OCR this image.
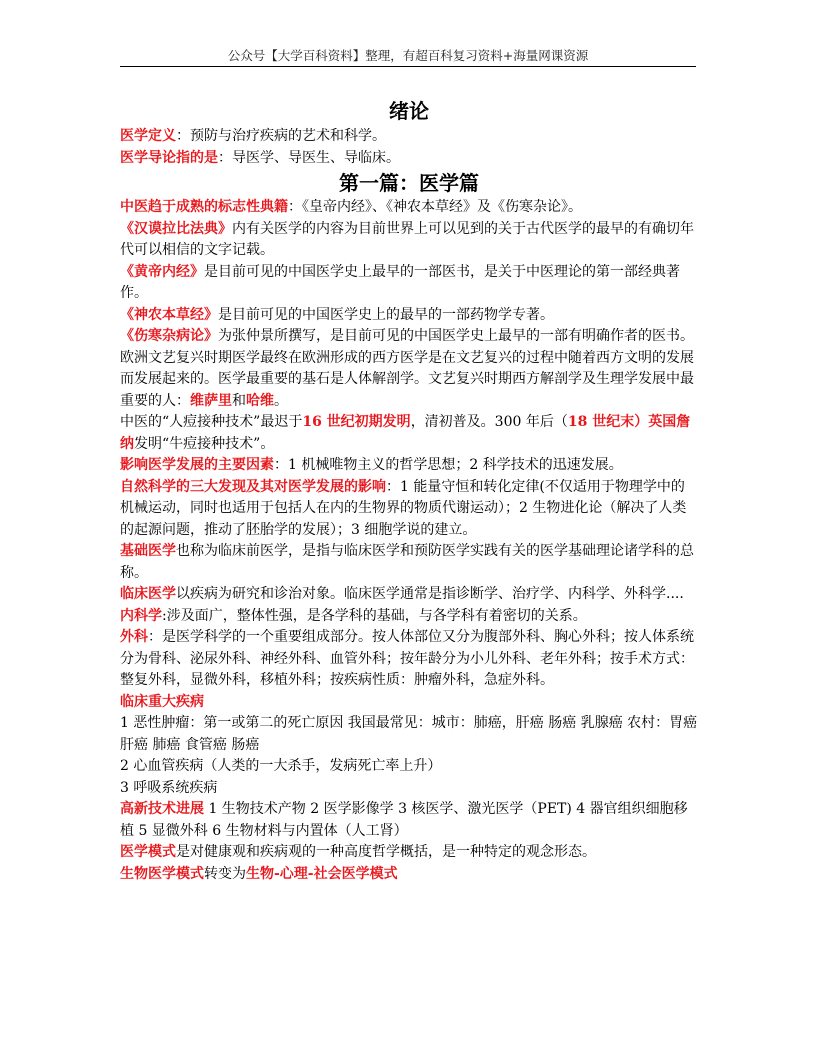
公众号【大学百科资料】整理，有超百科复习资料+海量网课资源
绪论

医学定义：预防与治疗疾病的艺术和科学。

医学导论指的是：导医学、导医生、导临床。

第一篇：医学篇

中医趋于成熟的标志性典籍：《皇帝内经》、《神农本草经》及《伤寒杂论》。

《汉谟拉比法典》内有关医学的内容为目前世界上可以见到的关于古代医学的最早的有确切年代可以相信的文字记载。

《黄帝内经》是目前可见的中国医学史上最早的一部医书，是关于中医理论的第一部经典著作。

《神农本草经》是目前可见的中国医学史上的最早的一部药物学专著。

《伤寒杂病论》为张仲景所撰写，是目前可见的中国医学史上最早的一部有明确作者的医书。

欧洲文艺复兴时期医学最终在欧洲形成的西方医学是在文艺复兴的过程中随着西方文明的发展而发展起来的。医学最重要的基石是人体解剖学。文艺复兴时期西方解剖学及生理学发展中最重要的人：维萨里和哈维。

中医的“人痘接种技术”最迟于16 世纪初期发明，清初普及。300 年后（18 世纪末）英国詹纳发明“牛痘接种技术”。

影响医学发展的主要因素：1 机械唯物主义的哲学思想；2 科学技术的迅速发展。

自然科学的三大发现及其对医学发展的影响：1 能量守恒和转化定律(不仅适用于物理学中的机械运动，同时也适用于包括人在内的生物界的物质代谢运动）；2 生物进化论（解决了人类的起源问题，推动了胚胎学的发展）；3 细胞学说的建立。

基础医学也称为临床前医学，是指与临床医学和预防医学实践有关的医学基础理论诸学科的总称。

临床医学以疾病为研究和诊治对象。临床医学通常是指诊断学、治疗学、内科学、外科学....

内科学:涉及面广，整体性强，是各学科的基础，与各学科有着密切的关系。

外科：是医学科学的一个重要组成部分。按人体部位又分为腹部外科、胸心外科；按人体系统分为骨科、泌尿外科、神经外科、血管外科；按年龄分为小儿外科、老年外科；按手术方式：整复外科，显微外科，移植外科；按疾病性质：肿瘤外科，急症外科。

临床重大疾病

1 恶性肿瘤：第一或第二的死亡原因 我国最常见：城市：肺癌，肝癌 肠癌 乳腺癌 农村：胃癌 肝癌 肺癌 食管癌 肠癌

2 心血管疾病（人类的一大杀手，发病死亡率上升）

3 呼吸系统疾病

高新技术进展 1 生物技术产物 2 医学影像学 3 核医学、激光医学（PET) 4 器官组织细胞移植 5 显微外科 6 生物材料与内置体（人工肾）

医学模式是对健康观和疾病观的一种高度哲学概括，是一种特定的观念形态。

生物医学模式转变为生物-心理-社会医学模式
